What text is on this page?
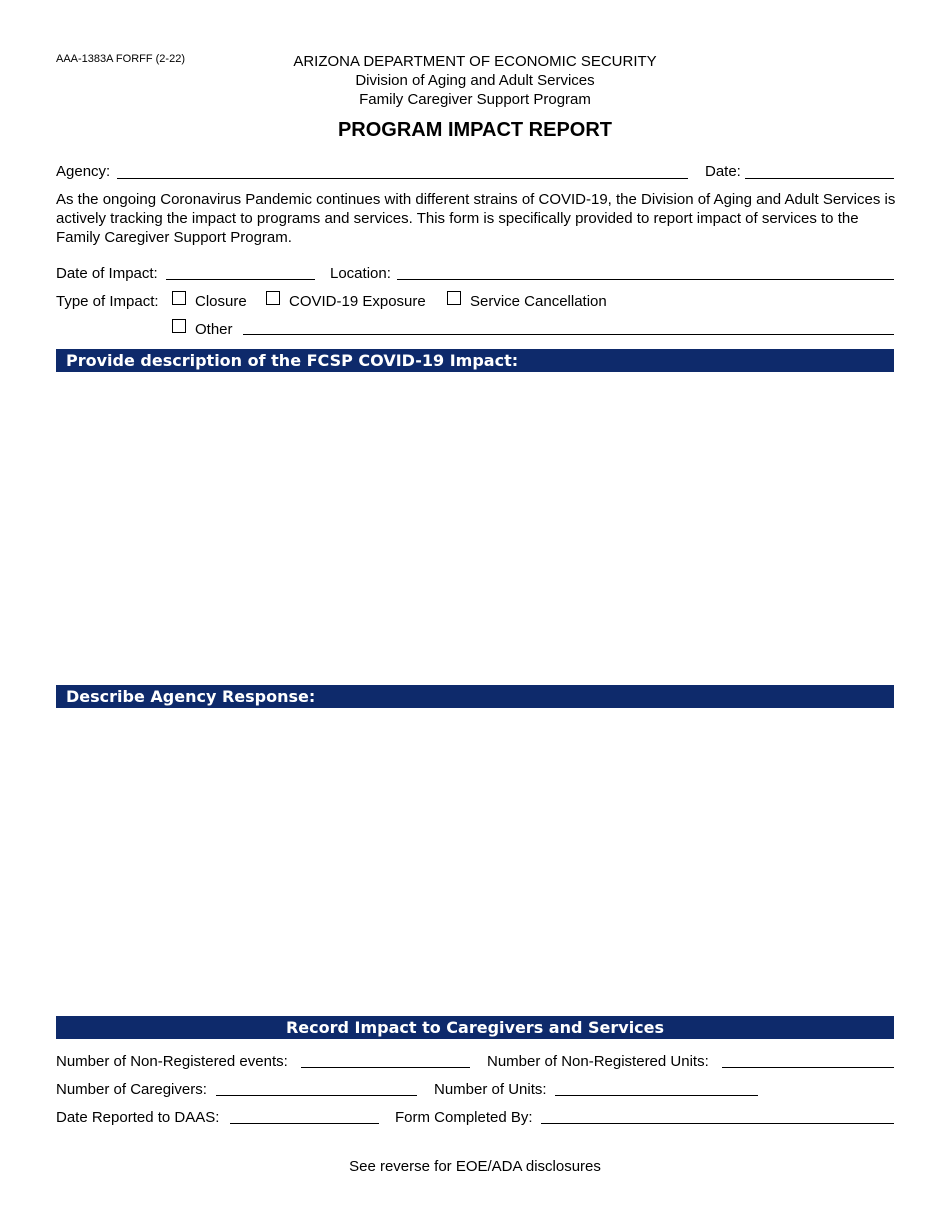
AAA-1383A FORFF (2-22)	ARIZONA DEPARTMENT OF ECONOMIC SECURITY
Division of Aging and Adult Services
Family Caregiver Support Program
PROGRAM IMPACT REPORT
Agency:	Date:
As the ongoing Coronavirus Pandemic continues with different strains of COVID-19, the Division of Aging and Adult Services is actively tracking the impact to programs and services. This form is specifically provided to report impact of services to the Family Caregiver Support Program.
Date of Impact:	Location:
Type of Impact: Closure	COVID-19 Exposure	Service Cancellation
Other
Provide description of the FCSP COVID-19 Impact:
Describe Agency Response:
Record Impact to Caregivers and Services
Number of Non-Registered events:	Number of Non-Registered Units:
Number of Caregivers:	Number of Units:
Date Reported to DAAS:	Form Completed By:
See reverse for EOE/ADA disclosures
